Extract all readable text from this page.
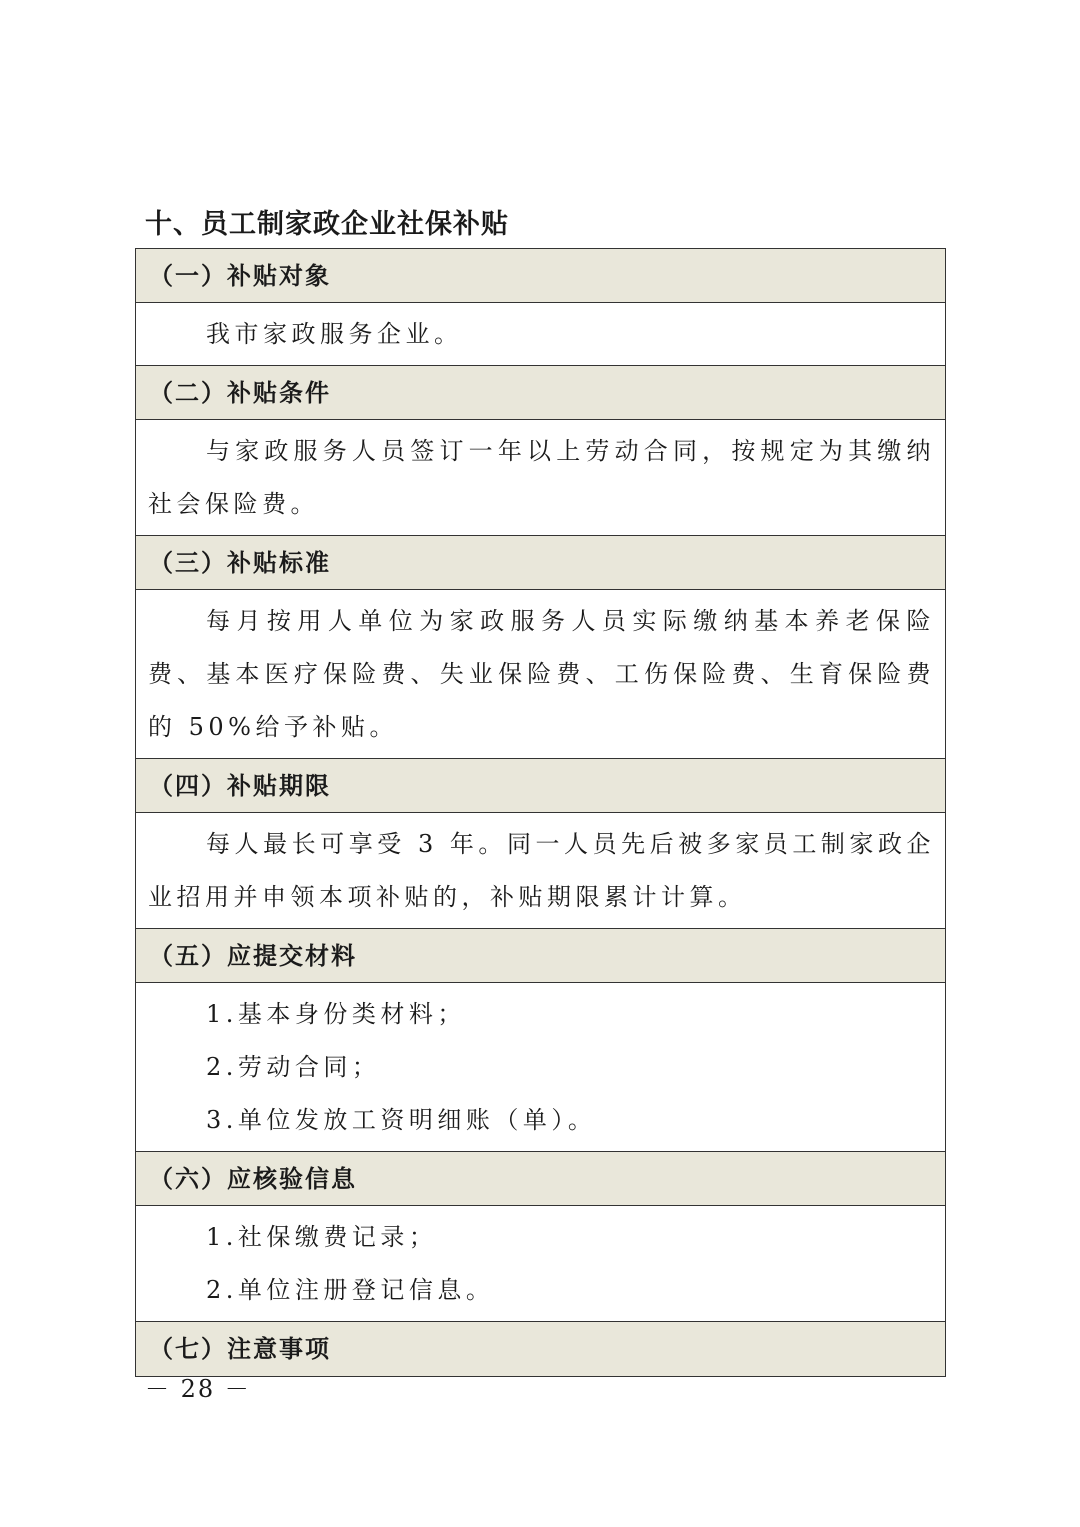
十、员工制家政企业社保补贴
（一）补贴对象

我市家政服务企业。

（二）补贴条件

与家政服务人员签订一年以上劳动合同，按规定为其缴纳社会保险费。

（三）补贴标准

每月按用人单位为家政服务人员实际缴纳基本养老保险费、基本医疗保险费、失业保险费、工伤保险费、生育保险费的 50%给予补贴。

（四）补贴期限

每人最长可享受 3 年。同一人员先后被多家员工制家政企业招用并申领本项补贴的，补贴期限累计计算。

（五）应提交材料

1.基本身份类材料；

2.劳动合同；

3.单位发放工资明细账（单）。

（六）应核验信息

1.社保缴费记录；

2.单位注册登记信息。

（七）注意事项
－ 28 －
